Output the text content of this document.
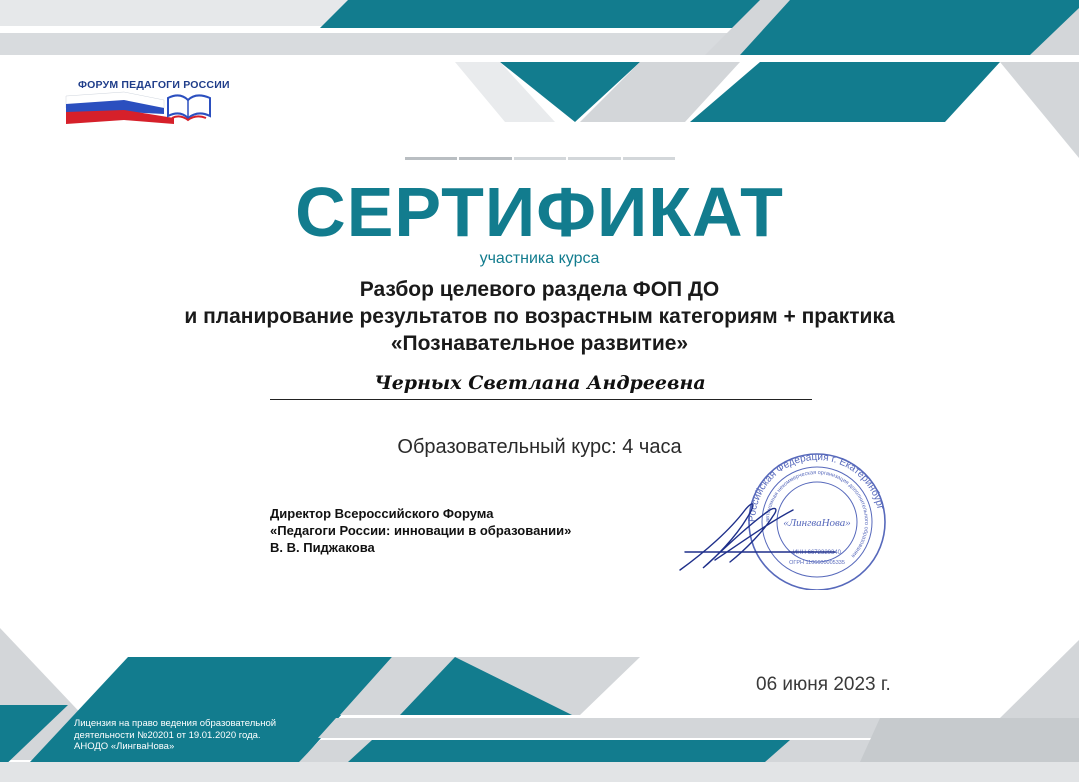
ФОРУМ ПЕДАГОГИ РОССИИ
СЕРТИФИКАТ
участника курса
Разбор целевого раздела ФОП ДО
и планирование результатов по возрастным категориям + практика
«Познавательное развитие»
Черных Светлана Андреевна
Образовательный курс: 4 часа
Директор Всероссийского Форума
«Педагоги России: инновации в образовании»
В. В. Пиджакова
Российская Федерация г. Екатеринбург
автономная некоммерческая организация дополнительного образования
«ЛингваНова»
ИНН 6672329340
ОГРН 1106600005335
06 июня 2023 г.
Лицензия на право ведения образовательной
деятельности №20201 от 19.01.2020 года.
АНОДО «ЛингваНова»
